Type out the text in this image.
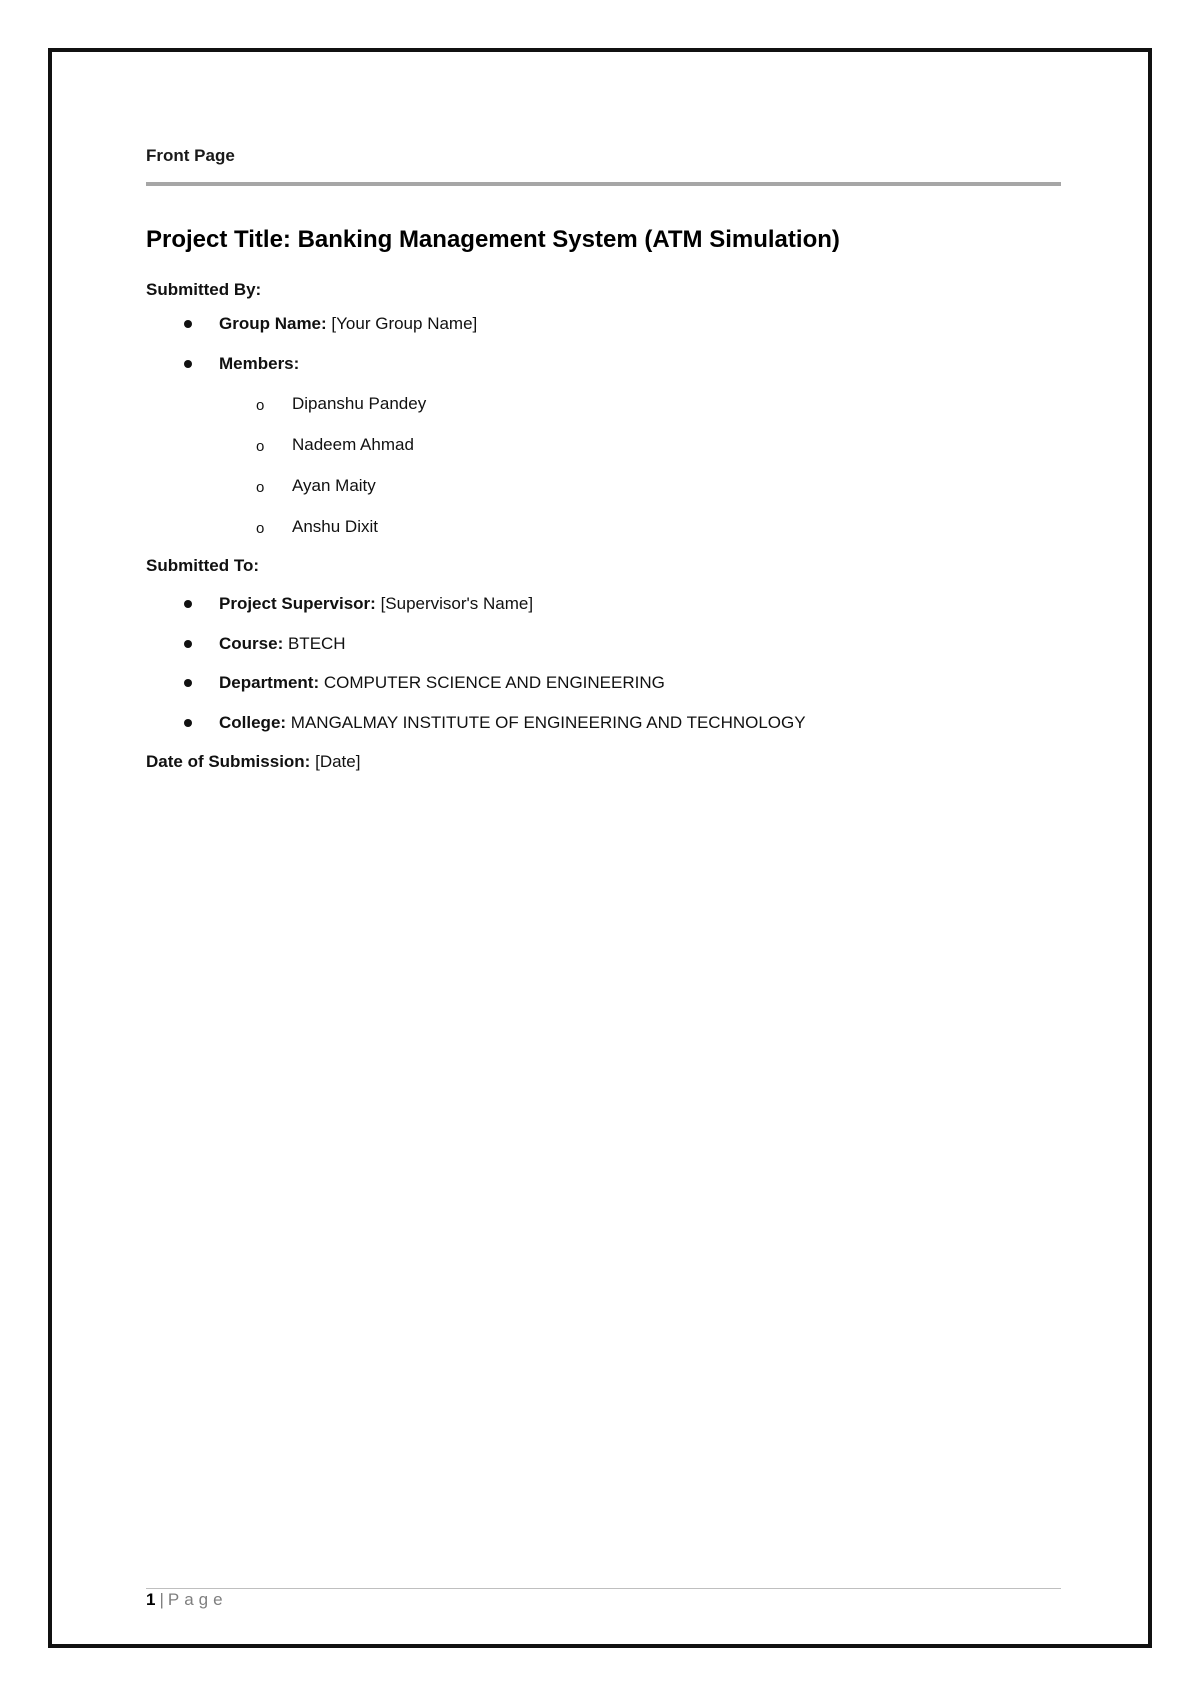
Front Page
Project Title: Banking Management System (ATM Simulation)
Submitted By:
Group Name: [Your Group Name]
Members:
o Dipanshu Pandey
o Nadeem Ahmad
o Ayan Maity
o Anshu Dixit
Submitted To:
Project Supervisor: [Supervisor's Name]
Course: BTECH
Department: COMPUTER SCIENCE AND ENGINEERING
College: MANGALMAY INSTITUTE OF ENGINEERING AND TECHNOLOGY
Date of Submission: [Date]
1 | Page
